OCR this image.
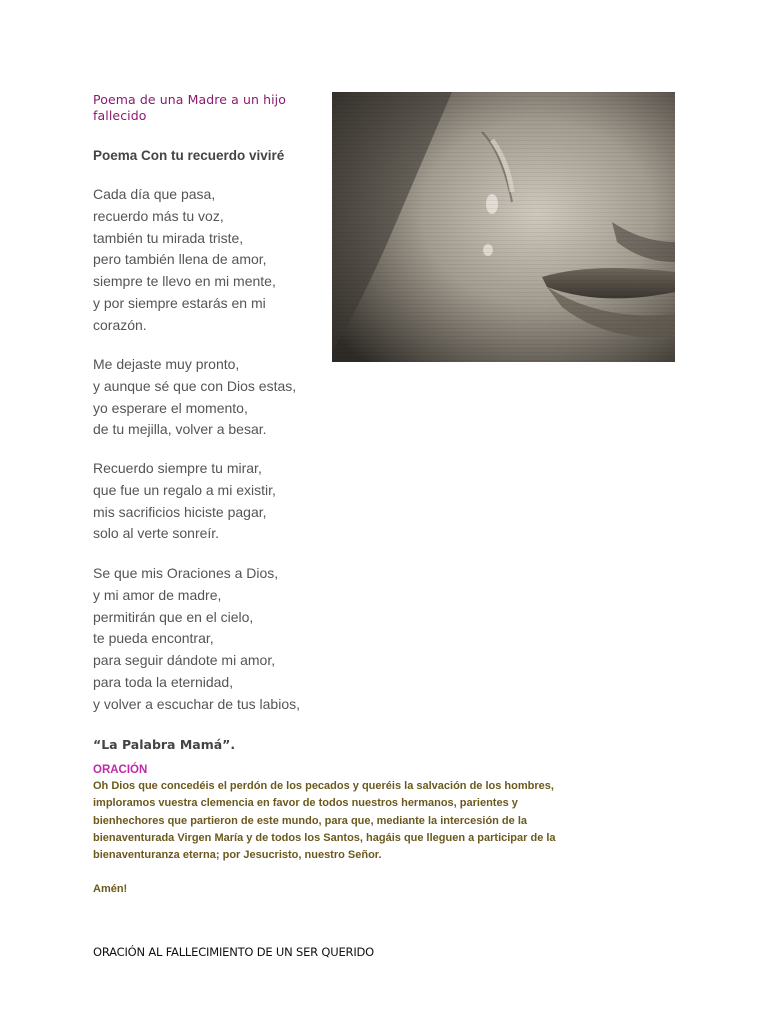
Poema de una Madre a un hijo fallecido
Poema Con tu recuerdo viviré
Cada día que pasa,
recuerdo más tu voz,
también tu mirada triste,
pero también llena de amor,
siempre te llevo en mi mente,
y por siempre estarás en mi
corazón.
Me dejaste muy pronto,
y aunque sé que con Dios estas,
yo esperare el momento,
de tu mejilla, volver a besar.
Recuerdo siempre tu mirar,
que fue un regalo a mi existir,
mis sacrificios hiciste pagar,
solo al verte sonreír.
Se que mis Oraciones a Dios,
y mi amor de madre,
permitirán que en el cielo,
te pueda encontrar,
para seguir dándote mi amor,
para toda la eternidad,
y volver a escuchar de tus labios,
“La Palabra Mamá”.
ORACIÓN
Oh Dios que concedéis el perdón de los pecados y queréis la salvación de los hombres,
imploramos vuestra clemencia en favor de todos nuestros hermanos, parientes y
bienhechores que partieron de este mundo, para que, mediante la intercesión de la
bienaventurada Virgen María y de todos los Santos, hagáis que lleguen a participar de la
bienaventuranza eterna; por Jesucristo, nuestro Señor.
Amén!
ORACIÓN AL FALLECIMIENTO DE UN SER QUERIDO
